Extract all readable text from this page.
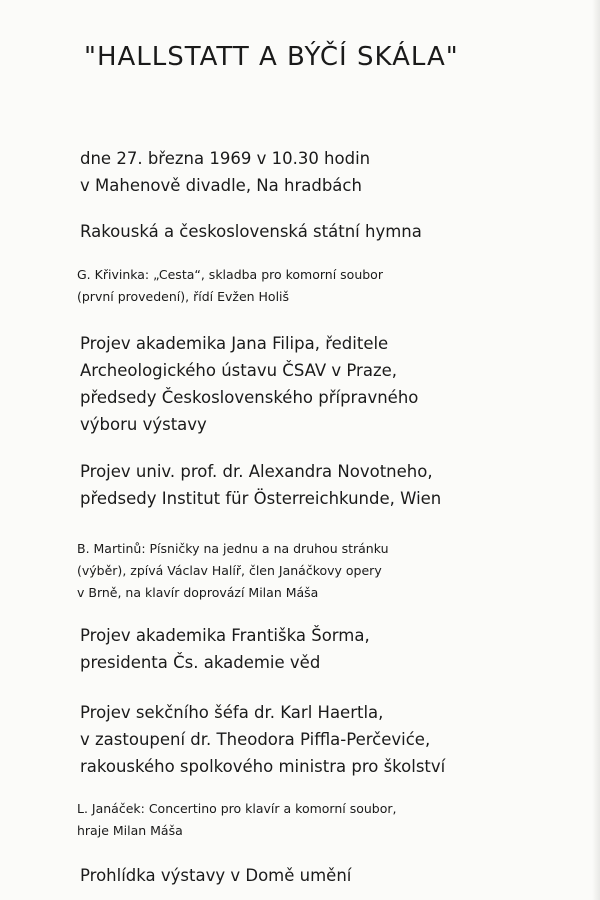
"HALLSTATT A BÝČÍ SKÁLA"
dne 27. března 1969 v 10.30 hodin
v Mahenově divadle, Na hradbách
Rakouská a československá státní hymna
G. Křivinka: „Cesta“, skladba pro komorní soubor
(první provedení), řídí Evžen Holiš
Projev akademika Jana Filipa, ředitele
Archeologického ústavu ČSAV v Praze,
předsedy Československého přípravného
výboru výstavy
Projev univ. prof. dr. Alexandra Novotneho,
předsedy Institut für Österreichkunde, Wien
B. Martinů: Písničky na jednu a na druhou stránku
(výběr), zpívá Václav Halíř, člen Janáčkovy opery
v Brně, na klavír doprovází Milan Máša
Projev akademika Františka Šorma,
presidenta Čs. akademie věd
Projev sekčního šéfa dr. Karl Haertla,
v zastoupení dr. Theodora Piffla-Perčeviće,
rakouského spolkového ministra pro školství
L. Janáček: Concertino pro klavír a komorní soubor,
hraje Milan Máša
Prohlídka výstavy v Domě umění
